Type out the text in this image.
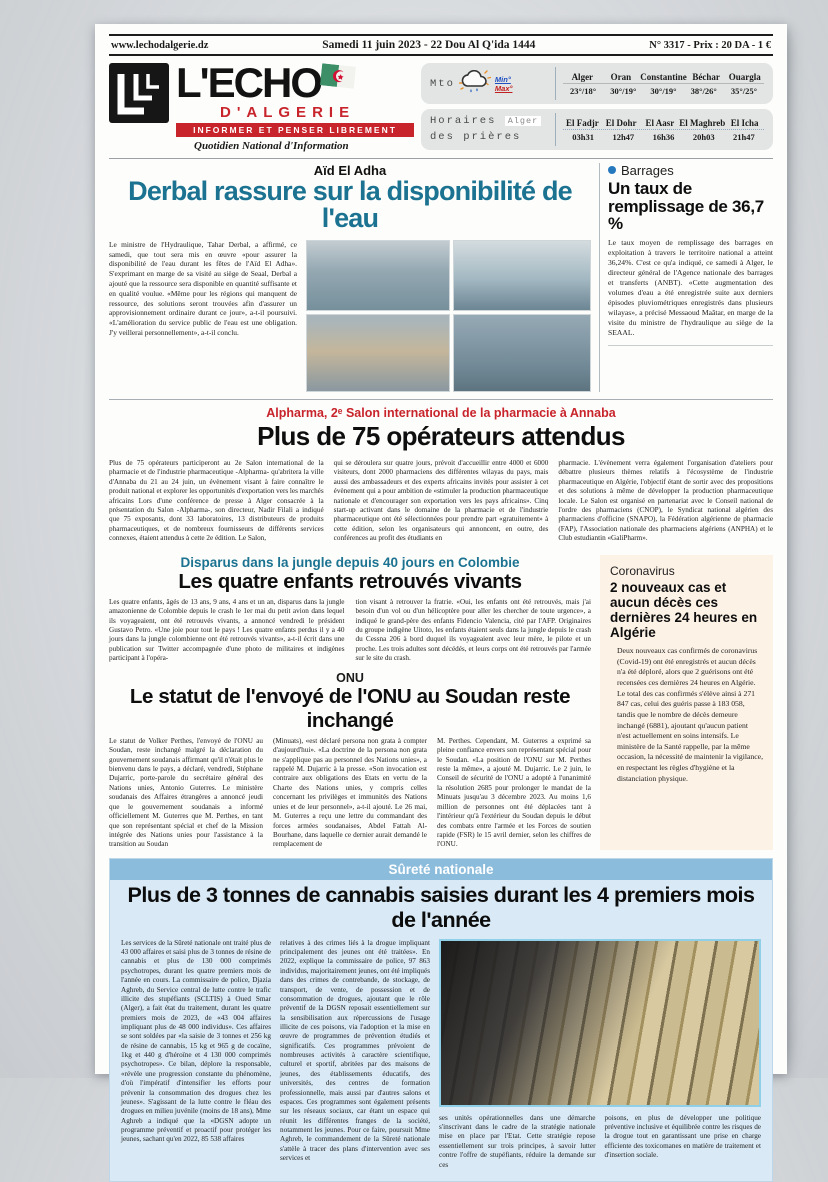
www.lechodalgerie.dz	Samedi 11 juin 2023 - 22 Dou Al Q'ida 1444	N° 3317 - Prix : 20 DA - 1 €
L'ECHO
D'ALGERIE
INFORMER ET PENSER LIBREMENT
Quotidien National d'Information
Mto	Min°
Max°
Alger	Oran	Constantine Béchar Ouargla
23°/18°	30°/19°	30°/19°	38°/26°	35°/25°
Horaires Alger
des prières
El Fadjr El Dohr El Aasr El Maghreb El Icha
03h31	12h47	16h36	20h03	21h47
Aïd El Adha
Derbal rassure sur la disponibilité de l'eau
Le ministre de l'Hydraulique, Tahar Derbal, a affirmé, ce samedi, que tout sera mis en œuvre «pour assurer la disponibilité de l'eau durant les fêtes de l'Aïd El Adha». S'exprimant en marge de sa visité au siège de Seaal, Derbal a ajouté que la ressource sera disponible en quantité suffisante et en qualité voulue. «Même pour les régions qui manquent de ressource, des solutions seront trouvées afin d'assurer un approvisionnement ordinaire durant ce jour», a-t-il poursuivi. «L'amélioration du service public de l'eau est une obligation. J'y veillerai personnellement», a-t-il conclu.
Barrages
Un taux de remplissage de 36,7 %
Le taux moyen de remplissage des barrages en exploitation à travers le territoire national a atteint 36,24%. C'est ce qu'a indiqué, ce samedi à Alger, le directeur général de l'Agence nationale des barrages et transferts (ANBT). «Cette augmentation des volumes d'eau a été enregistrée suite aux derniers épisodes pluviométriques enregistrés dans plusieurs wilayas», a précisé Messaoud Maâtar, en marge de la visite du ministre de l'hydraulique au siège de la SEAAL.
Alpharma, 2ᵉ Salon international de la pharmacie à Annaba
Plus de 75 opérateurs attendus
Plus de 75 opérateurs participeront au 2e Salon international de la pharmacie et de l'industrie pharmaceutique -Alpharma- qu'abritera la ville d'Annaba du 21 au 24 juin, un évènement visant à faire connaître le produit national et explorer les opportunités d'exportation vers les marchés africains Lors d'une conférence de presse à Alger consacrée à la présentation du Salon -Alpharma-, son directeur, Nadir Filali a indiqué que 75 exposants, dont 33 laboratoires, 13 distributeurs de produits pharmaceutiques, et de nombreux fournisseurs de différents services connexes, étaient attendus à cette 2e édition. Le Salon,
qui se déroulera sur quatre jours, prévoit d'accueillir entre 4000 et 6000 visiteurs, dont 2000 pharmaciens des différentes wilayas du pays, mais aussi des ambassadeurs et des experts africains invités pour assister à cet évènement qui a pour ambition de «stimuler la production pharmaceutique nationale et d'encourager son exportation vers les pays africains». Cinq start-up activant dans le domaine de la pharmacie et de l'industrie pharmaceutique ont été sélectionnées pour prendre part «gratuitement» à cette édition, selon les organisateurs qui annoncent, en outre, des conférences au profit des étudiants en
pharmacie. L'évènement verra également l'organisation d'ateliers pour débattre plusieurs thèmes relatifs à l'écosystème de l'industrie pharmaceutique en Algérie, l'objectif étant de sortir avec des propositions et des solutions à même de développer la production pharmaceutique locale. Le Salon est organisé en partenariat avec le Conseil national de l'ordre des pharmaciens (CNOP), le Syndicat national algérien des pharmaciens d'officine (SNAPO), la Fédération algérienne de pharmacie (FAP), l'Association nationale des pharmaciens algériens (ANPHA) et le Club estudiantin «GaliPharm».
Disparus dans la jungle depuis 40 jours en Colombie
Les quatre enfants retrouvés vivants
Les quatre enfants, âgés de 13 ans, 9 ans, 4 ans et un an, disparus dans la jungle amazonienne de Colombie depuis le crash le 1er mai du petit avion dans lequel ils voyageaient, ont été retrouvés vivants, a annoncé vendredi le président Gustavo Petro. «Une joie pour tout le pays ! Les quatre enfants perdus il y a 40 jours dans la jungle colombienne ont été retrouvés vivants», a-t-il écrit dans une publication sur Twitter accompagnée d'une photo de militaires et indigènes participant à l'opéra-
tion visant à retrouver la fratrie. «Oui, les enfants ont été retrouvés, mais j'ai besoin d'un vol ou d'un hélicoptère pour aller les chercher de toute urgence», a indiqué le grand-père des enfants Fidencio Valencia, cité par l'AFP. Originaires du groupe indigène Uitoto, les enfants étaient seuls dans la jungle depuis le crash du Cessna 206 à bord duquel ils voyageaient avec leur mère, le pilote et un proche. Les trois adultes sont décédés, et leurs corps ont été retrouvés par l'armée sur le site du crash.
ONU
Le statut de l'envoyé de l'ONU au Soudan reste inchangé
Le statut de Volker Perthes, l'envoyé de l'ONU au Soudan, reste inchangé malgré la déclaration du gouvernement soudanais affirmant qu'il n'était plus le bienvenu dans le pays, a déclaré, vendredi, Stéphane Dujarric, porte-parole du secrétaire général des Nations unies, Antonio Guterres. Le ministère soudanais des Affaires étrangères a annoncé jeudi que le gouvernement soudanais a informé officiellement M. Guterres que M. Perthes, en tant que son représentant spécial et chef de la Mission intégrée des Nations unies pour l'assistance à la transition au Soudan
(Minuats), «est déclaré persona non grata à compter d'aujourd'hui». «La doctrine de la persona non grata ne s'applique pas au personnel des Nations unies», a rappelé M. Dujarric à la presse. «Son invocation est contraire aux obligations des Etats en vertu de la Charte des Nations unies, y compris celles concernant les privilèges et immunités des Nations unies et de leur personnel», a-t-il ajouté. Le 26 mai, M. Guterres a reçu une lettre du commandant des forces armées soudanaises, Abdel Fattah Al-Bourhane, dans laquelle ce dernier aurait demandé le remplacement de
M. Perthes. Cependant, M. Guterres a exprimé sa pleine confiance envers son représentant spécial pour le Soudan. «La position de l'ONU sur M. Perthes reste la même», a ajouté M. Dujarric. Le 2 juin, le Conseil de sécurité de l'ONU a adopté à l'unanimité la résolution 2685 pour prolonger le mandat de la Minuats jusqu'au 3 décembre 2023. Au moins 1,6 million de personnes ont été déplacées tant à l'intérieur qu'à l'extérieur du Soudan depuis le début des combats entre l'armée et les Forces de soutien rapide (FSR) le 15 avril dernier, selon les chiffres de l'ONU.
Coronavirus
2 nouveaux cas et aucun décès ces dernières 24 heures en Algérie
Deux nouveaux cas confirmés de coronavirus (Covid-19) ont été enregistrés et aucun décès n'a été déploré, alors que 2 guérisons ont été recensées ces dernières 24 heures en Algérie. Le total des cas confirmés s'élève ainsi à 271 847 cas, celui des guéris passe à 183 058, tandis que le nombre de décès demeure inchangé (6881), ajoutant qu'aucun patient n'est actuellement en soins intensifs. Le ministère de la Santé rappelle, par la même occasion, la nécessité de maintenir la vigilance, en respectant les règles d'hygiène et la distanciation physique.
Sûreté nationale
Plus de 3 tonnes de cannabis saisies durant les 4 premiers mois de l'année
Les services de la Sûreté nationale ont traité plus de 43 000 affaires et saisi plus de 3 tonnes de résine de cannabis et plus de 130 000 comprimés psychotropes, durant les quatre premiers mois de l'année en cours. La commissaire de police, Djazia Aghreb, du Service central de lutte contre le trafic illicite des stupéfiants (SCLTIS) à Oued Smar (Alger), a fait état du traitement, durant les quatre premiers mois de 2023, de «43 004 affaires impliquant plus de 48 000 individus». Ces affaires se sont soldées par «la saisie de 3 tonnes et 256 kg de résine de cannabis, 15 kg et 965 g de cocaïne, 1kg et 440 g d'héroïne et 4 130 000 comprimés psychotropes». Ce bilan, déplore la responsable, «révèle une progression constante du phénomène, d'où l'impératif d'intensifier les efforts pour prévenir la consommation des drogues chez les jeunes». S'agissant de la lutte contre le fléau des drogues en milieu juvénile (moins de 18 ans), Mme Aghreb a indiqué que la «DGSN adopte un programme préventif et proactif pour protéger les jeunes, sachant qu'en 2022, 85 538 affaires
relatives à des crimes liés à la drogue impliquant principalement des jeunes ont été traitées». En 2022, explique la commissaire de police, 97 863 individus, majoritairement jeunes, ont été impliqués dans des crimes de contrebande, de stockage, de transport, de vente, de possession et de consommation de drogues, ajoutant que le rôle préventif de la DGSN reposait essentiellement sur la sensibilisation aux répercussions de l'usage illicite de ces poisons, via l'adoption et la mise en œuvre de programmes de prévention étudiés et significatifs. Ces programmes prévoient de nombreuses activités à caractère scientifique, culturel et sportif, abritées par des maisons de jeunes, des établissements éducatifs, des universités, des centres de formation professionnelle, mais aussi par d'autres salons et espaces. Ces programmes sont également présents sur les réseaux sociaux, car étant un espace qui réunit les différentes franges de la société, notamment les jeunes. Pour ce faire, poursuit Mme Aghreb, le commandement de la Sûreté nationale s'attèle à tracer des plans d'intervention avec ses services et
ses unités opérationnelles dans une démarche s'inscrivant dans le cadre de la stratégie nationale mise en place par l'Etat. Cette stratégie repose essentiellement sur trois principes, à savoir lutter contre l'offre de stupéfiants, réduire la demande sur ces
poisons, en plus de développer une politique préventive inclusive et équilibrée contre les risques de la drogue tout en garantissant une prise en charge efficiente des toxicomanes en matière de traitement et d'insertion sociale.
